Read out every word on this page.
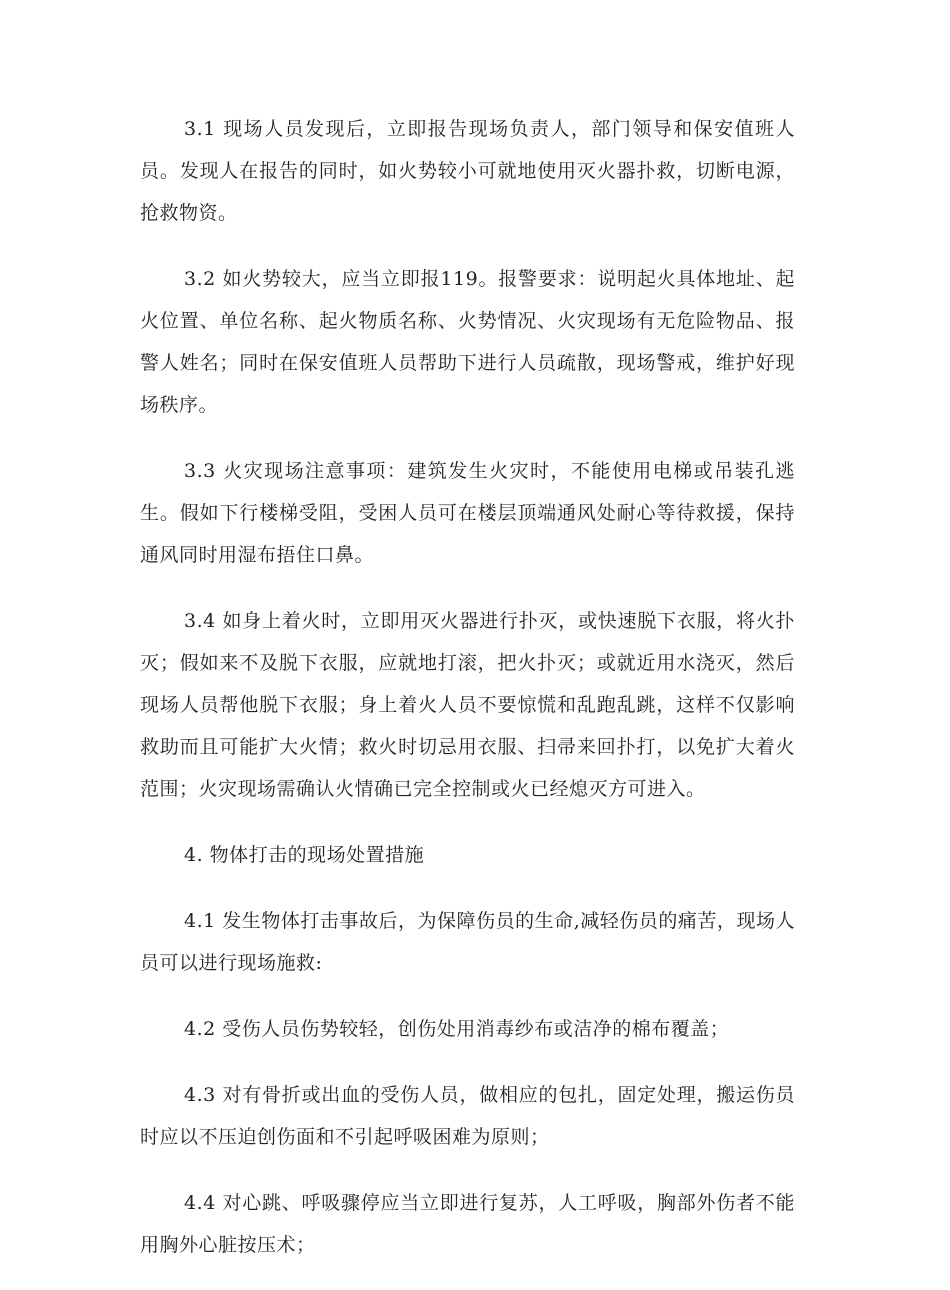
3.1 现场人员发现后，立即报告现场负责人，部门领导和保安值班人员。发现人在报告的同时，如火势较小可就地使用灭火器扑救，切断电源，抢救物资。

3.2 如火势较大，应当立即报119。报警要求：说明起火具体地址、起火位置、单位名称、起火物质名称、火势情况、火灾现场有无危险物品、报警人姓名；同时在保安值班人员帮助下进行人员疏散，现场警戒，维护好现场秩序。

3.3 火灾现场注意事项：建筑发生火灾时，不能使用电梯或吊装孔逃生。假如下行楼梯受阻，受困人员可在楼层顶端通风处耐心等待救援，保持通风同时用湿布捂住口鼻。

3.4 如身上着火时，立即用灭火器进行扑灭，或快速脱下衣服，将火扑灭；假如来不及脱下衣服，应就地打滚，把火扑灭；或就近用水浇灭，然后现场人员帮他脱下衣服；身上着火人员不要惊慌和乱跑乱跳，这样不仅影响救助而且可能扩大火情；救火时切忌用衣服、扫帚来回扑打，以免扩大着火范围；火灾现场需确认火情确已完全控制或火已经熄灭方可进入。

4. 物体打击的现场处置措施

4.1 发生物体打击事故后，为保障伤员的生命,减轻伤员的痛苦，现场人员可以进行现场施救:

4.2 受伤人员伤势较轻，创伤处用消毒纱布或洁净的棉布覆盖；

4.3 对有骨折或出血的受伤人员，做相应的包扎，固定处理，搬运伤员时应以不压迫创伤面和不引起呼吸困难为原则；

4.4 对心跳、呼吸骤停应当立即进行复苏，人工呼吸，胸部外伤者不能用胸外心脏按压术；
